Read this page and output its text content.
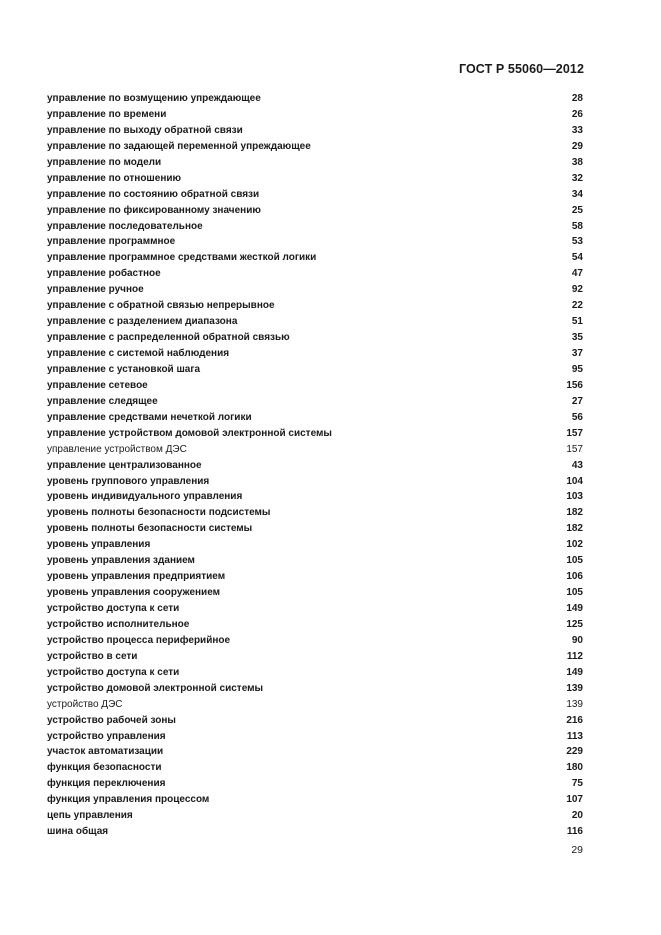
ГОСТ Р 55060—2012
управление по возмущению упреждающее	28
управление по времени	26
управление по выходу обратной связи	33
управление по задающей переменной упреждающее	29
управление по модели	38
управление по отношению	32
управление по состоянию обратной связи	34
управление по фиксированному значению	25
управление последовательное	58
управление программное	53
управление программное средствами жесткой логики	54
управление робастное	47
управление ручное	92
управление с обратной связью непрерывное	22
управление с разделением диапазона	51
управление с распределенной обратной связью	35
управление с системой наблюдения	37
управление с установкой шага	95
управление сетевое	156
управление следящее	27
управление средствами нечеткой логики	56
управление устройством домовой электронной системы	157
управление устройством ДЭС	157
управление централизованное	43
уровень группового управления	104
уровень индивидуального управления	103
уровень полноты безопасности подсистемы	182
уровень полноты безопасности системы	182
уровень управления	102
уровень управления зданием	105
уровень управления предприятием	106
уровень управления сооружением	105
устройство доступа к сети	149
устройство исполнительное	125
устройство процесса периферийное	90
устройство в сети	112
устройство доступа к сети	149
устройство домовой электронной системы	139
устройство ДЭС	139
устройство рабочей зоны	216
устройство управления	113
участок автоматизации	229
функция безопасности	180
функция переключения	75
функция управления процессом	107
цепь управления	20
шина общая	116
29
